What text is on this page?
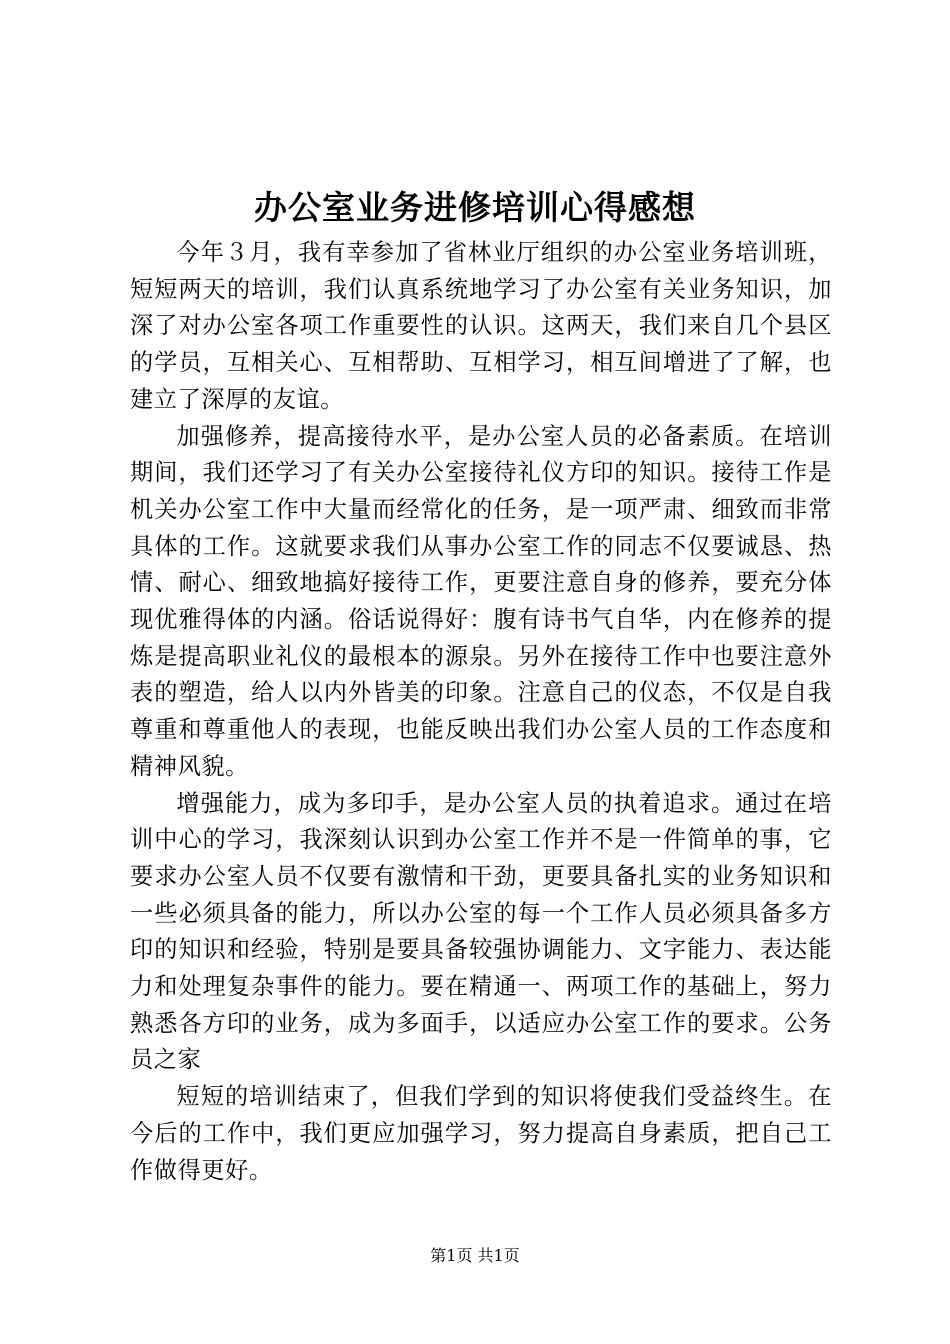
办公室业务进修培训心得感想

今年３月，我有幸参加了省林业厅组织的办公室业务培训班，短短两天的培训，我们认真系统地学习了办公室有关业务知识，加深了对办公室各项工作重要性的认识。这两天，我们来自几个县区的学员，互相关心、互相帮助、互相学习，相互间增进了了解，也建立了深厚的友谊。

加强修养，提高接待水平，是办公室人员的必备素质。在培训期间，我们还学习了有关办公室接待礼仪方印的知识。接待工作是机关办公室工作中大量而经常化的任务，是一项严肃、细致而非常具体的工作。这就要求我们从事办公室工作的同志不仅要诚恳、热情、耐心、细致地搞好接待工作，更要注意自身的修养，要充分体现优雅得体的内涵。俗话说得好：腹有诗书气自华，内在修养的提炼是提高职业礼仪的最根本的源泉。另外在接待工作中也要注意外表的塑造，给人以内外皆美的印象。注意自己的仪态，不仅是自我尊重和尊重他人的表现，也能反映出我们办公室人员的工作态度和精神风貌。

增强能力，成为多印手，是办公室人员的执着追求。通过在培训中心的学习，我深刻认识到办公室工作并不是一件简单的事，它要求办公室人员不仅要有激情和干劲，更要具备扎实的业务知识和一些必须具备的能力，所以办公室的每一个工作人员必须具备多方印的知识和经验，特别是要具备较强协调能力、文字能力、表达能力和处理复杂事件的能力。要在精通一、两项工作的基础上，努力熟悉各方印的业务，成为多面手，以适应办公室工作的要求。公务员之家

短短的培训结束了，但我们学到的知识将使我们受益终生。在今后的工作中，我们更应加强学习，努力提高自身素质，把自己工作做得更好。

第1页 共1页
